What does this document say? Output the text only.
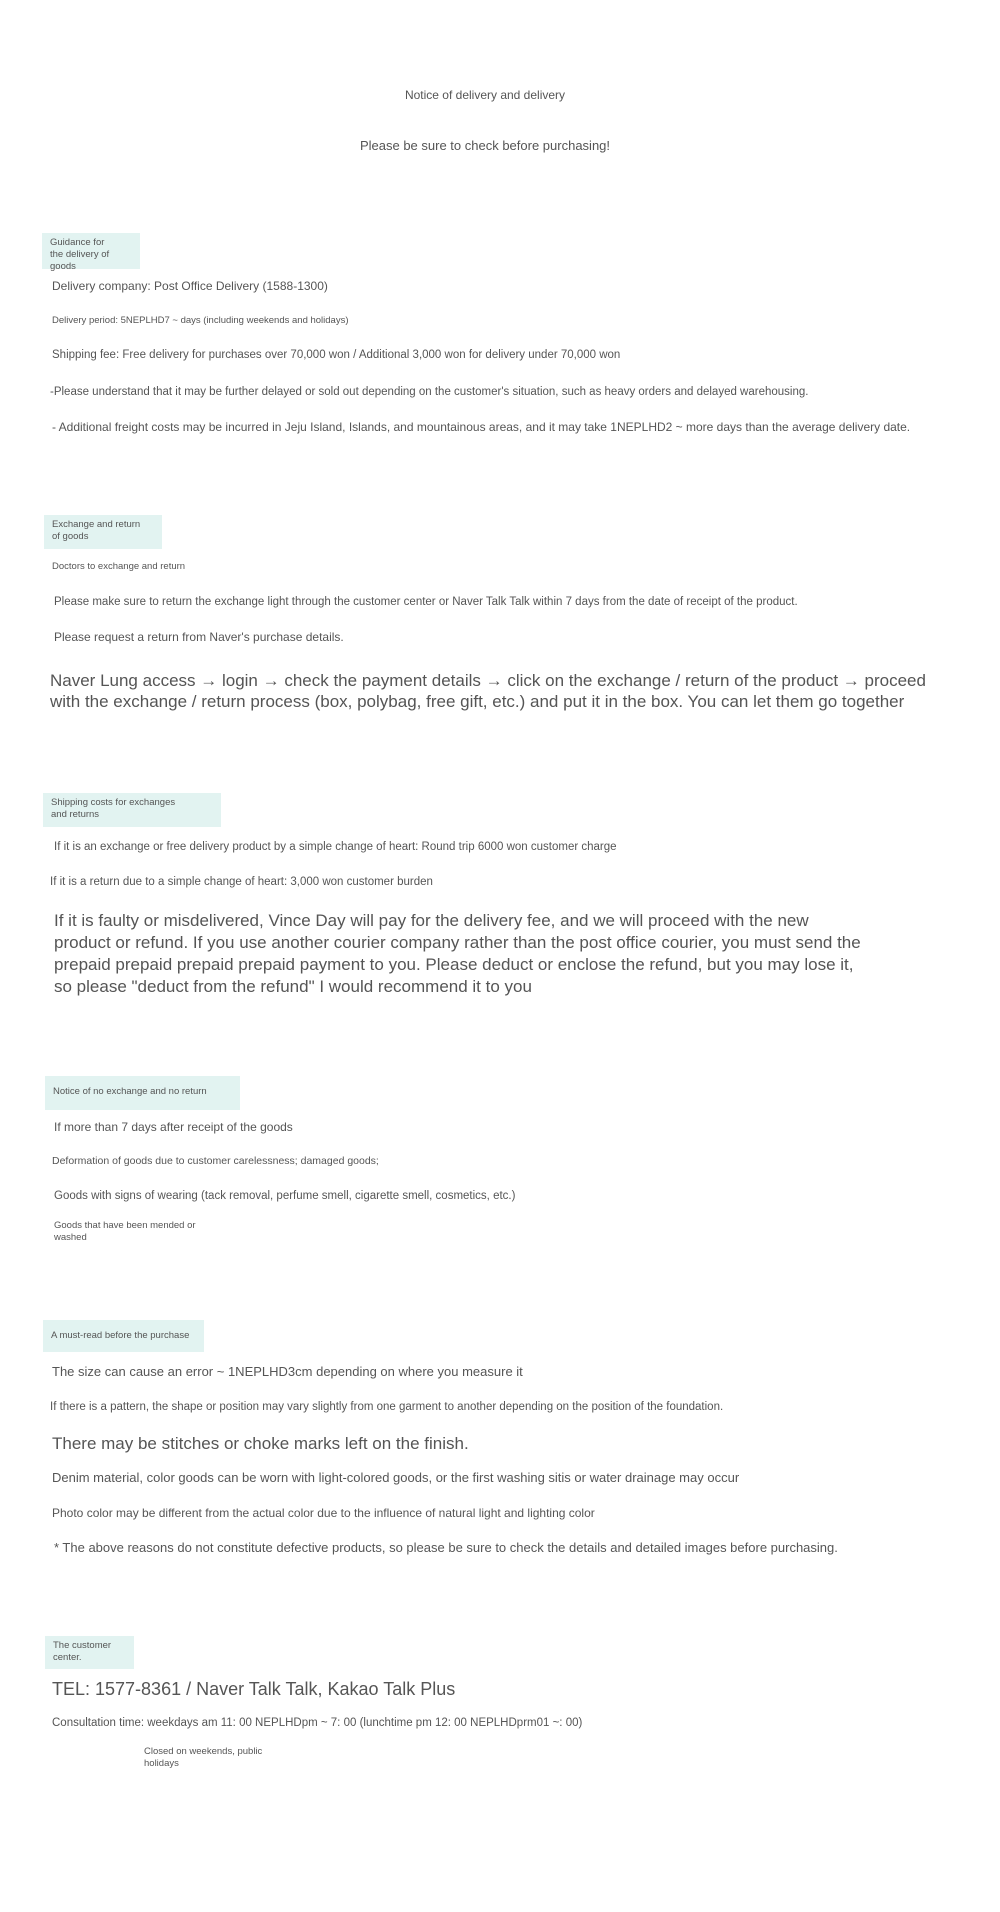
Notice of delivery and delivery
Please be sure to check before purchasing!
Guidance for the delivery of goods
Delivery company: Post Office Delivery (1588-1300)
Delivery period: 5NEPLHD7 ~ days (including weekends and holidays)
Shipping fee: Free delivery for purchases over 70,000 won / Additional 3,000 won for delivery under 70,000 won
-Please understand that it may be further delayed or sold out depending on the customer's situation, such as heavy orders and delayed warehousing.
- Additional freight costs may be incurred in Jeju Island, Islands, and mountainous areas, and it may take 1NEPLHD2 ~ more days than the average delivery date.
Exchange and return of goods
Doctors to exchange and return
Please make sure to return the exchange light through the customer center or Naver Talk Talk within 7 days from the date of receipt of the product.
Please request a return from Naver's purchase details.
Naver Lung access → login → check the payment details → click on the exchange / return of the product → proceed
with the exchange / return process (box, polybag, free gift, etc.) and put it in the box. You can let them go together
Shipping costs for exchanges and returns
If it is an exchange or free delivery product by a simple change of heart: Round trip 6000 won customer charge
If it is a return due to a simple change of heart: 3,000 won customer burden
If it is faulty or misdelivered, Vince Day will pay for the delivery fee, and we will proceed with the new
product or refund. If you use another courier company rather than the post office courier, you must send the
prepaid prepaid prepaid prepaid payment to you. Please deduct or enclose the refund, but you may lose it,
so please "deduct from the refund" I would recommend it to you
Notice of no exchange and no return
If more than 7 days after receipt of the goods
Deformation of goods due to customer carelessness; damaged goods;
Goods with signs of wearing (tack removal, perfume smell, cigarette smell, cosmetics, etc.)
Goods that have been mended or washed
A must-read before the purchase
The size can cause an error ~ 1NEPLHD3cm depending on where you measure it
If there is a pattern, the shape or position may vary slightly from one garment to another depending on the position of the foundation.
There may be stitches or choke marks left on the finish.
Denim material, color goods can be worn with light-colored goods, or the first washing sitis or water drainage may occur
Photo color may be different from the actual color due to the influence of natural light and lighting color
* The above reasons do not constitute defective products, so please be sure to check the details and detailed images before purchasing.
The customer center.
TEL: 1577-8361 / Naver Talk Talk, Kakao Talk Plus
Consultation time: weekdays am 11: 00 NEPLHDpm ~ 7: 00 (lunchtime pm 12: 00 NEPLHDprm01 ~: 00)
Closed on weekends, public holidays
